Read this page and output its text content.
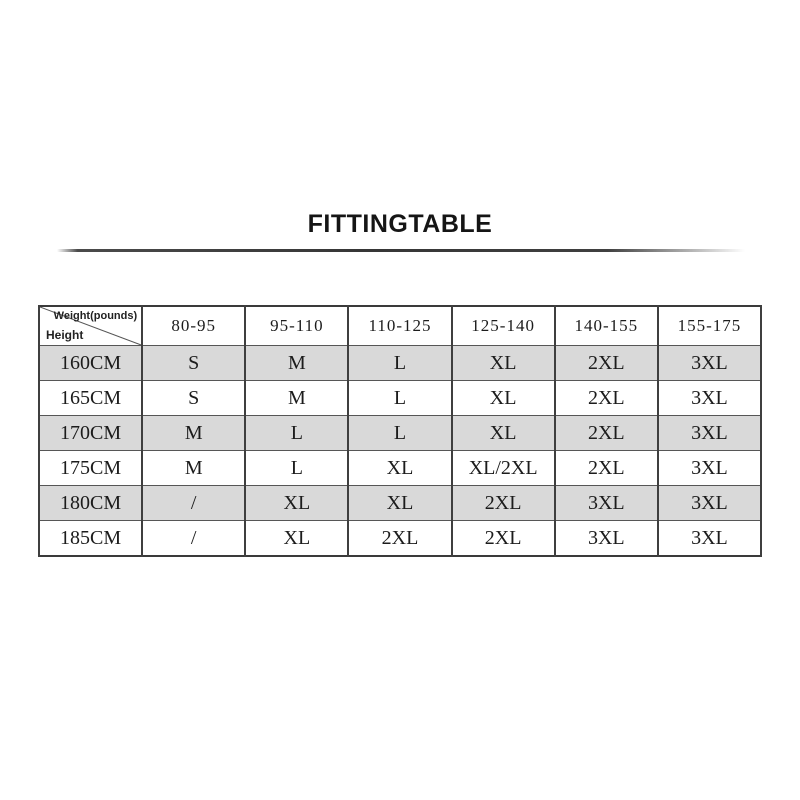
FITTINGTABLE
Weight(pounds)
Height	80-95	95-110	110-125	125-140	140-155	155-175
160CM	S	M	L	XL	2XL	3XL
165CM	S	M	L	XL	2XL	3XL
170CM	M	L	L	XL	2XL	3XL
175CM	M	L	XL	XL/2XL	2XL	3XL
180CM	/	XL	XL	2XL	3XL	3XL
185CM	/	XL	2XL	2XL	3XL	3XL
